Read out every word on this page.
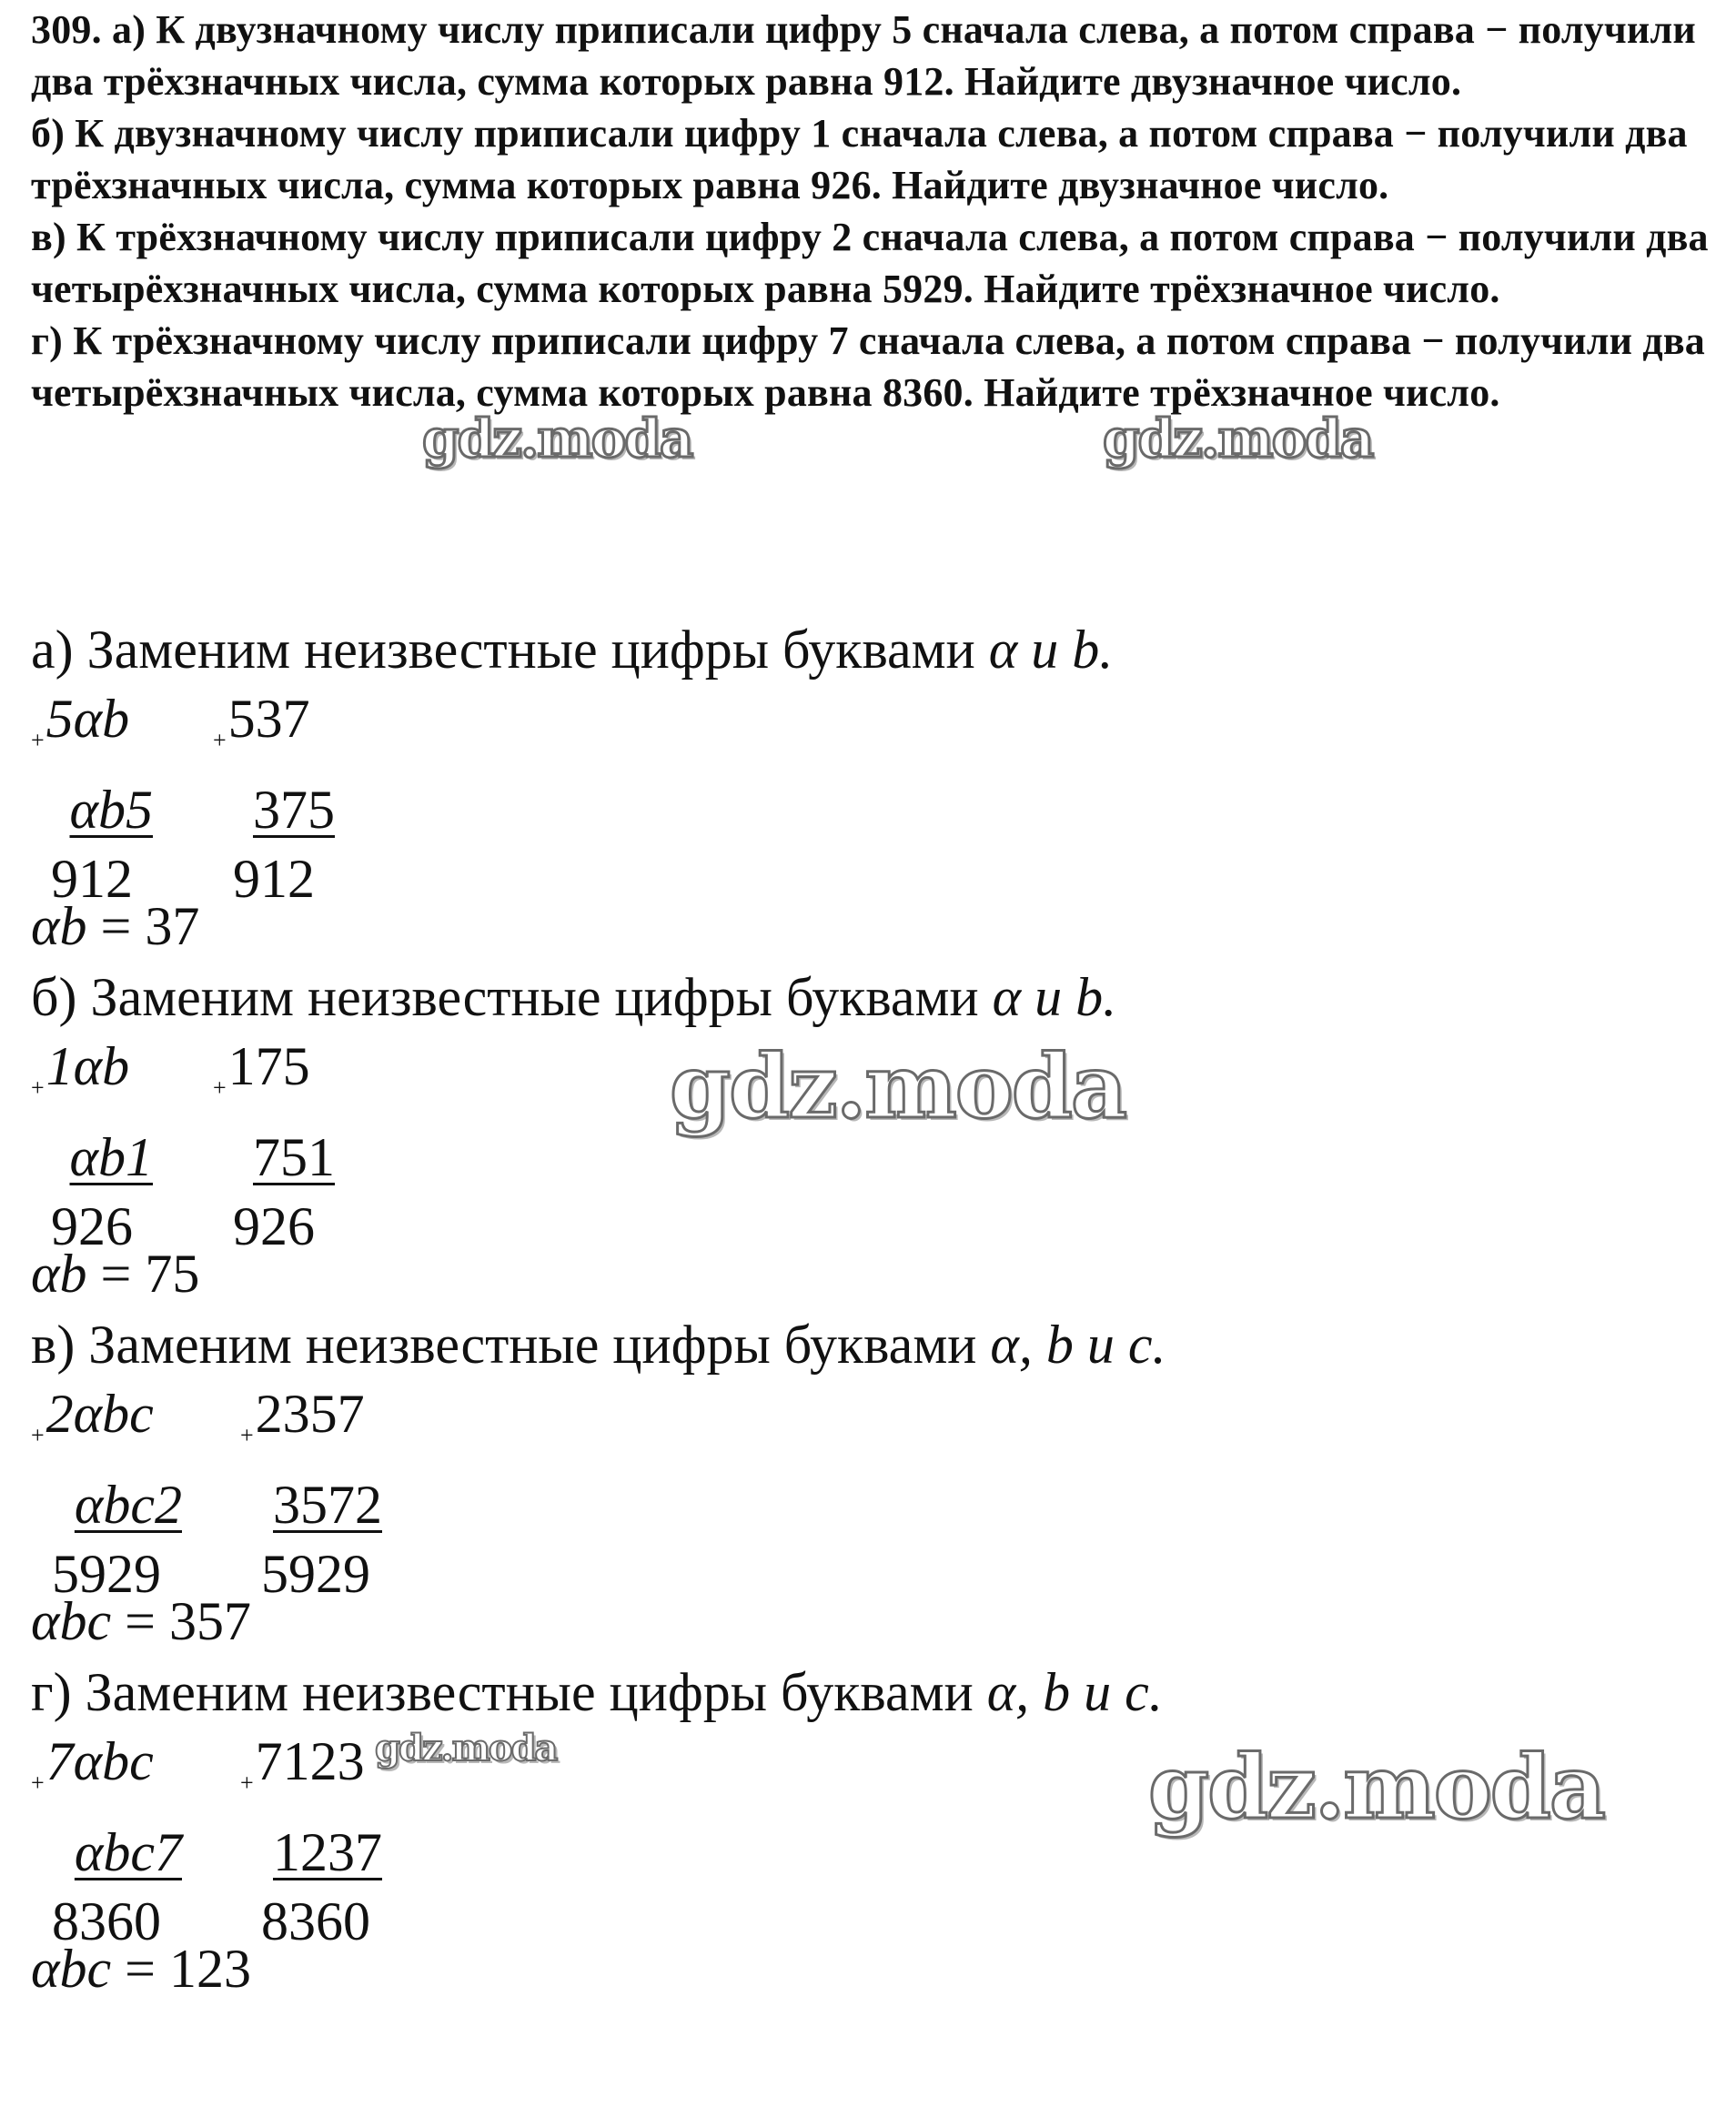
309. а) К двузначному числу приписали цифру 5 сначала слева, а потом справа − получили два трёхзначных числа, сумма которых равна 912. Найдите двузначное число.

б) К двузначному числу приписали цифру 1 сначала слева, а потом справа − получили два трёхзначных числа, сумма которых равна 926. Найдите двузначное число.

в) К трёхзначному числу приписали цифру 2 сначала слева, а потом справа − получили два четырёхзначных числа, сумма которых равна 5929. Найдите трёхзначное число.

г) К трёхзначному числу приписали цифру 7 сначала слева, а потом справа − получили два четырёхзначных числа, сумма которых равна 8360. Найдите трёхзначное число.

а) Заменим неизвестные цифры буквами α и b.
$_+$5αb
αb5
912
$_+$537
375
912
αb = 37
б) Заменим неизвестные цифры буквами α и b.
$_+$1αb
αb1
926
$_+$175
751
926
αb = 75
в) Заменим неизвестные цифры буквами α, b и c.
$_+$2αbc
αbc2
5929
$_+$2357
3572
5929
αbc = 357
г) Заменим неизвестные цифры буквами α, b и c.
$_+$7αbc
αbc7
8360
$_+$7123
1237
8360
αbc = 123
gdz.moda	gdz.moda
gdz.moda
gdz.moda	gdz.moda
